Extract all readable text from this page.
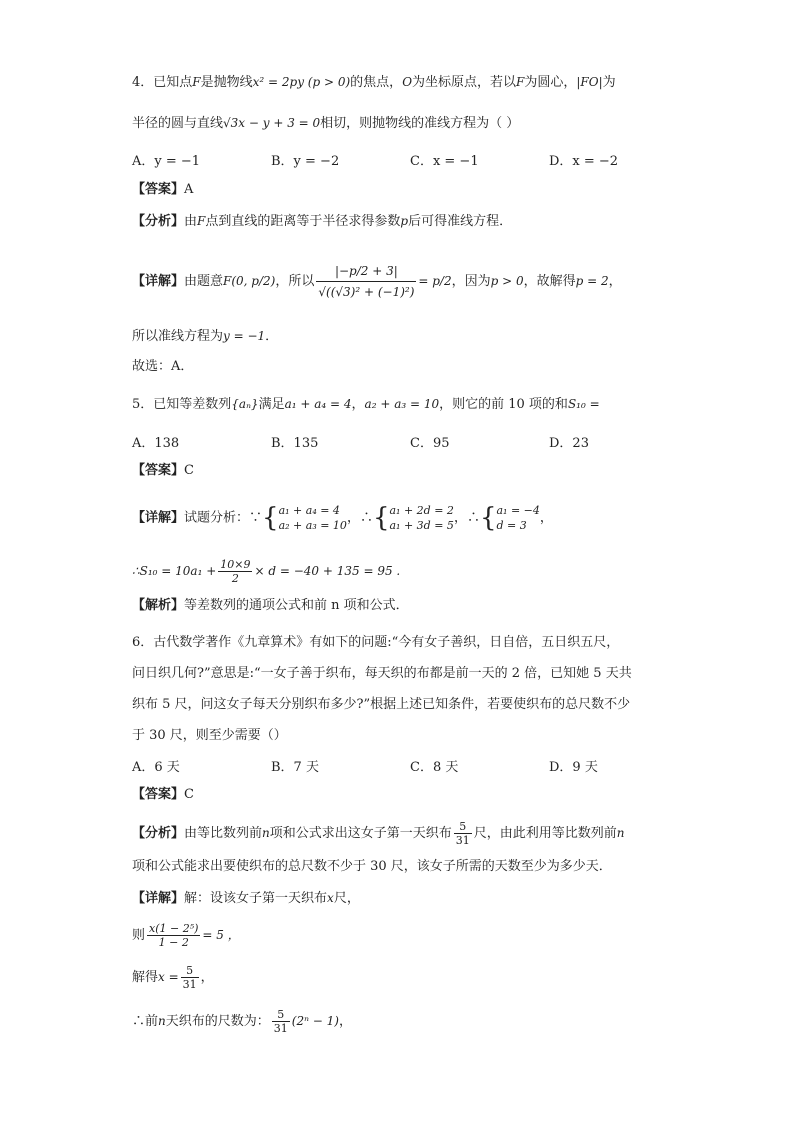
4．已知点F是抛物线x² = 2py (p > 0)的焦点，O为坐标原点，若以F为圆心，|FO|为
半径的圆与直线√3x − y + 3 = 0相切，则抛物线的准线方程为（ ）
A．y = −1	B．y = −2	C．x = −1	D．x = −2
【答案】A
【分析】由F点到直线的距离等于半径求得参数p后可得准线方程．
【详解】由题意F(0, p/2)，所以 $\frac{|-p/2 + 3|}{\text{√((√3)² + (−1)²)}} = p/2$，因为p > 0，故解得p = 2，
所以准线方程为y = −1．
故选：A．
5．已知等差数列{aₙ}满足a₁ + a₄ = 4，a₂ + a₃ = 10，则它的前 10 项的和S₁₀ =
A．138	B．135	C．95	D．23
【答案】C
【详解】试题分析：∵{ a₁ + a₄ = 4
a₂ + a₃ = 10 ，∴{ a₁ + 2d = 2
a₁ + 3d = 5 ，∴{ a₁ = −4
d = 3	，
∴S₁₀ = $10a_1 + \frac{10\times 9}{2} \times d = -40 + 135 = 95$ .
【解析】等差数列的通项公式和前 n 项和公式．
6．古代数学著作《九章算术》有如下的问题:“今有女子善织，日自倍，五日织五尺，
问日织几何?”意思是:“一女子善于织布，每天织的布都是前一天的 2 倍，已知她 5 天共
织布 5 尺，问这女子每天分别织布多少?”根据上述已知条件，若要使织布的总尺数不少
于 30 尺，则至少需要（）
A．6 天	B．7 天	C．8 天	D．9 天
【答案】C
【分析】由等比数列前n项和公式求出这女子第一天织布 $\frac{5}{31}$ 尺，由此利用等比数列前n
项和公式能求出要使织布的总尺数不少于 30 尺，该女子所需的天数至少为多少天．
【详解】解：设该女子第一天织布x尺，
则 $\frac{\text{x(1 − 2⁵)}}{1 - 2} = 5$ ，
解得$x = \frac{5}{31}$ ，
∴前n天织布的尺数为： $\frac{5}{31} (2^n - 1)$，
